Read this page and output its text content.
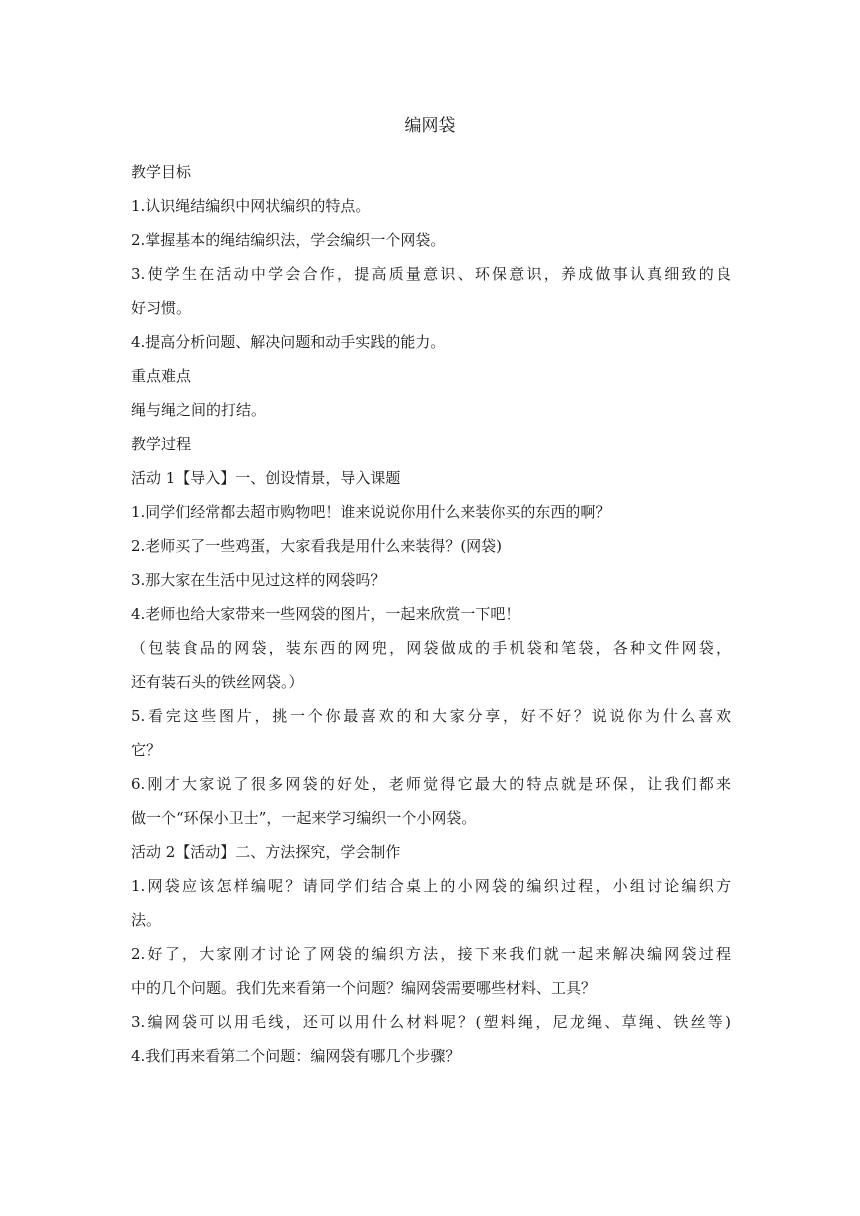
编网袋

教学目标

1.认识绳结编织中网状编织的特点。

2.掌握基本的绳结编织法，学会编织一个网袋。

3.使学生在活动中学会合作，提高质量意识、环保意识，养成做事认真细致的良

好习惯。

4.提高分析问题、解决问题和动手实践的能力。

重点难点

绳与绳之间的打结。

教学过程

活动 1【导入】一、创设情景，导入课题

1.同学们经常都去超市购物吧！谁来说说你用什么来装你买的东西的啊？

2.老师买了一些鸡蛋，大家看我是用什么来装得？(网袋)

3.那大家在生活中见过这样的网袋吗？

4.老师也给大家带来一些网袋的图片，一起来欣赏一下吧！

（包装食品的网袋，装东西的网兜，网袋做成的手机袋和笔袋，各种文件网袋，

还有装石头的铁丝网袋。）

5.看完这些图片，挑一个你最喜欢的和大家分享，好不好？说说你为什么喜欢

它？

6.刚才大家说了很多网袋的好处，老师觉得它最大的特点就是环保，让我们都来

做一个“环保小卫士”，一起来学习编织一个小网袋。

活动 2【活动】二、方法探究，学会制作

1.网袋应该怎样编呢？请同学们结合桌上的小网袋的编织过程，小组讨论编织方

法。

2.好了，大家刚才讨论了网袋的编织方法，接下来我们就一起来解决编网袋过程

中的几个问题。我们先来看第一个问题？编网袋需要哪些材料、工具？

3.编网袋可以用毛线，还可以用什么材料呢？(塑料绳，尼龙绳、草绳、铁丝等)

4.我们再来看第二个问题：编网袋有哪几个步骤？
